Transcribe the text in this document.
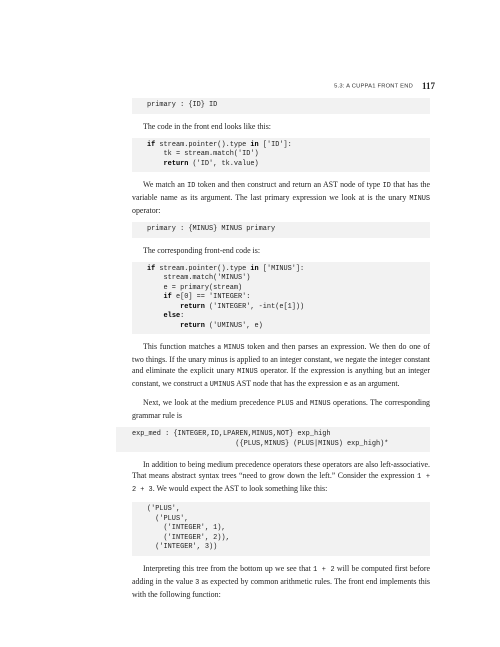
5.3: A CUPPA1 FRONT END 117
primary : {ID} ID

The code in the front end looks like this:

if stream.pointer().type in ['ID']:
tk = stream.match('ID')
return ('ID', tk.value)

We match an ID token and then construct and return an AST node of type ID that has the variable name as its argument. The last primary expression we look at is the unary MINUS operator:

primary : {MINUS} MINUS primary

The corresponding front-end code is:

if stream.pointer().type in ['MINUS']:
stream.match('MINUS')
e = primary(stream)
if e[0] == 'INTEGER':
return ('INTEGER', -int(e[1]))
else:
return ('UMINUS', e)

This function matches a MINUS token and then parses an expression. We then do one of two things. If the unary minus is applied to an integer constant, we negate the integer constant and eliminate the explicit unary MINUS operator. If the expression is anything but an integer constant, we construct a UMINUS AST node that has the expression e as an argument.

Next, we look at the medium precedence PLUS and MINUS operations. The corresponding grammar rule is

exp_med : {INTEGER,ID,LPAREN,MINUS,NOT} exp_high
({PLUS,MINUS} (PLUS|MINUS) exp_high)*

In addition to being medium precedence operators these operators are also left-associative. That means abstract syntax trees “need to grow down the left.” Consider the expression 1 + 2 + 3. We would expect the AST to look something like this:

('PLUS',
('PLUS',
('INTEGER', 1),
('INTEGER', 2)),
('INTEGER', 3))

Interpreting this tree from the bottom up we see that 1 + 2 will be computed first before adding in the value 3 as expected by common arithmetic rules. The front end implements this with the following function:
